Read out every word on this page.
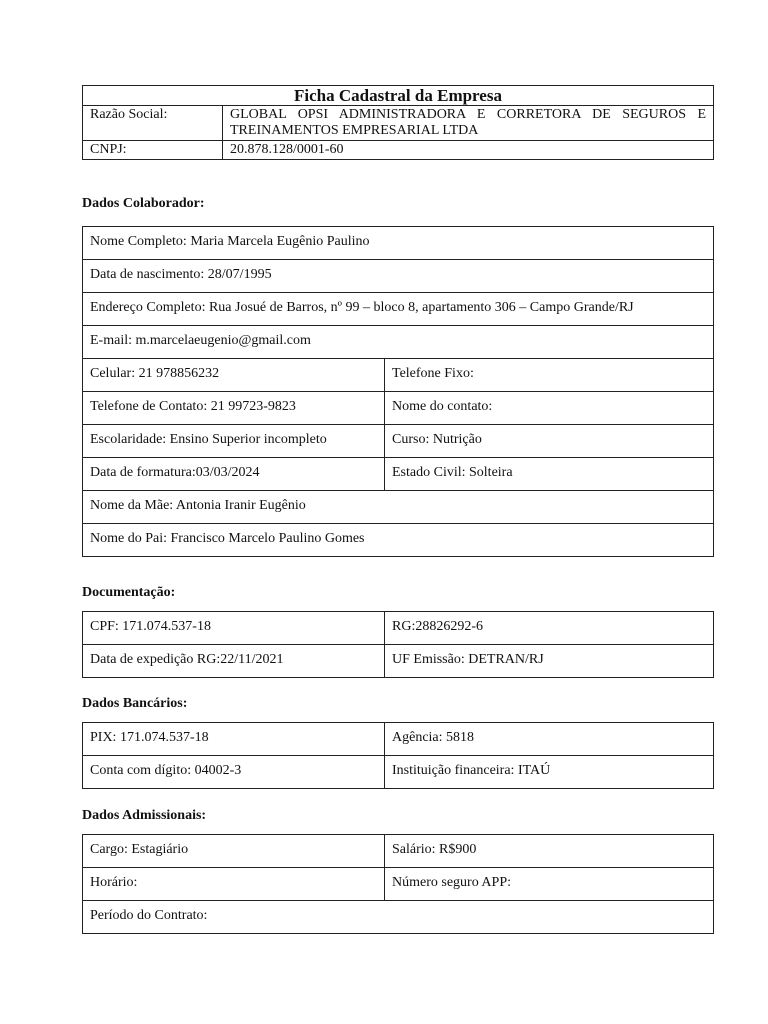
Ficha Cadastral da Empresa	
Razão Social:	GLOBAL OPSI ADMINISTRADORA E CORRETORA DE SEGUROS E TREINAMENTOS EMPRESARIAL LTDA
CNPJ:	20.878.128/0001-60

Dados Colaborador:

Nome Completo: Maria Marcela Eugênio Paulino	
Data de nascimento: 28/07/1995	
Endereço Completo: Rua Josué de Barros, nº 99 – bloco 8, apartamento 306 – Campo Grande/RJ	
E-mail: m.marcelaeugenio@gmail.com	
Celular: 21 978856232	Telefone Fixo:
Telefone de Contato: 21 99723-9823	Nome do contato:
Escolaridade: Ensino Superior incompleto	Curso: Nutrição
Data de formatura:03/03/2024	Estado Civil: Solteira
Nome da Mãe: Antonia Iranir Eugênio	
Nome do Pai: Francisco Marcelo Paulino Gomes	

Documentação:

CPF: 171.074.537-18	RG:28826292-6
Data de expedição RG:22/11/2021	UF Emissão: DETRAN/RJ

Dados Bancários:

PIX: 171.074.537-18	Agência: 5818
Conta com dígito: 04002-3	Instituição financeira: ITAÚ

Dados Admissionais:

Cargo: Estagiário	Salário: R$900
Horário:	Número seguro APP:
Período do Contrato:	
